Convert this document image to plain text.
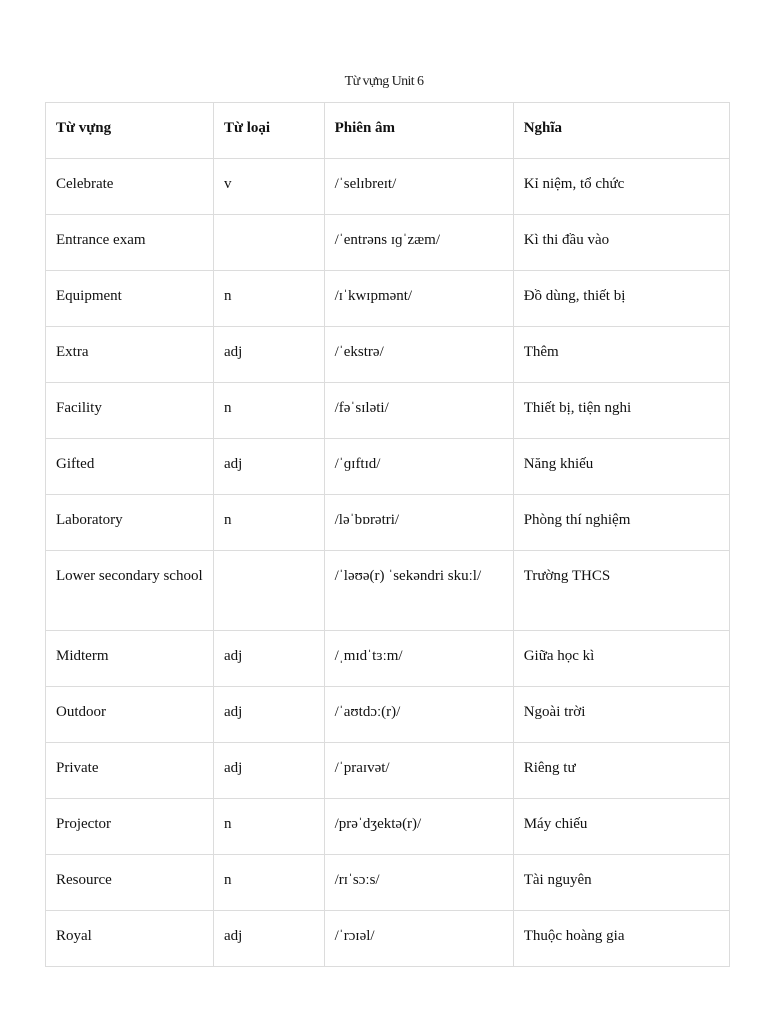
Từ vựng Unit 6
Từ vựng	Từ loại	Phiên âm	Nghĩa
Celebrate	v	/ˈselɪbreɪt/	Kỉ niệm, tổ chức
Entrance exam		/ˈentrəns ɪɡˈzæm/	Kì thi đầu vào
Equipment	n	/ɪˈkwɪpmənt/	Đồ dùng, thiết bị
Extra	adj	/ˈekstrə/	Thêm
Facility	n	/fəˈsɪləti/	Thiết bị, tiện nghi
Gifted	adj	/ˈɡɪftɪd/	Năng khiếu
Laboratory	n	/ləˈbɒrətri/	Phòng thí nghiệm
Lower secondary school		/ˈləʊə(r) ˈsekəndri skuːl/	Trường THCS
Midterm	adj	/ˌmɪdˈtɜːm/	Giữa học kì
Outdoor	adj	/ˈaʊtdɔː(r)/	Ngoài trời
Private	adj	/ˈpraɪvət/	Riêng tư
Projector	n	/prəˈdʒektə(r)/	Máy chiếu
Resource	n	/rɪˈsɔːs/	Tài nguyên
Royal	adj	/ˈrɔɪəl/	Thuộc hoàng gia
